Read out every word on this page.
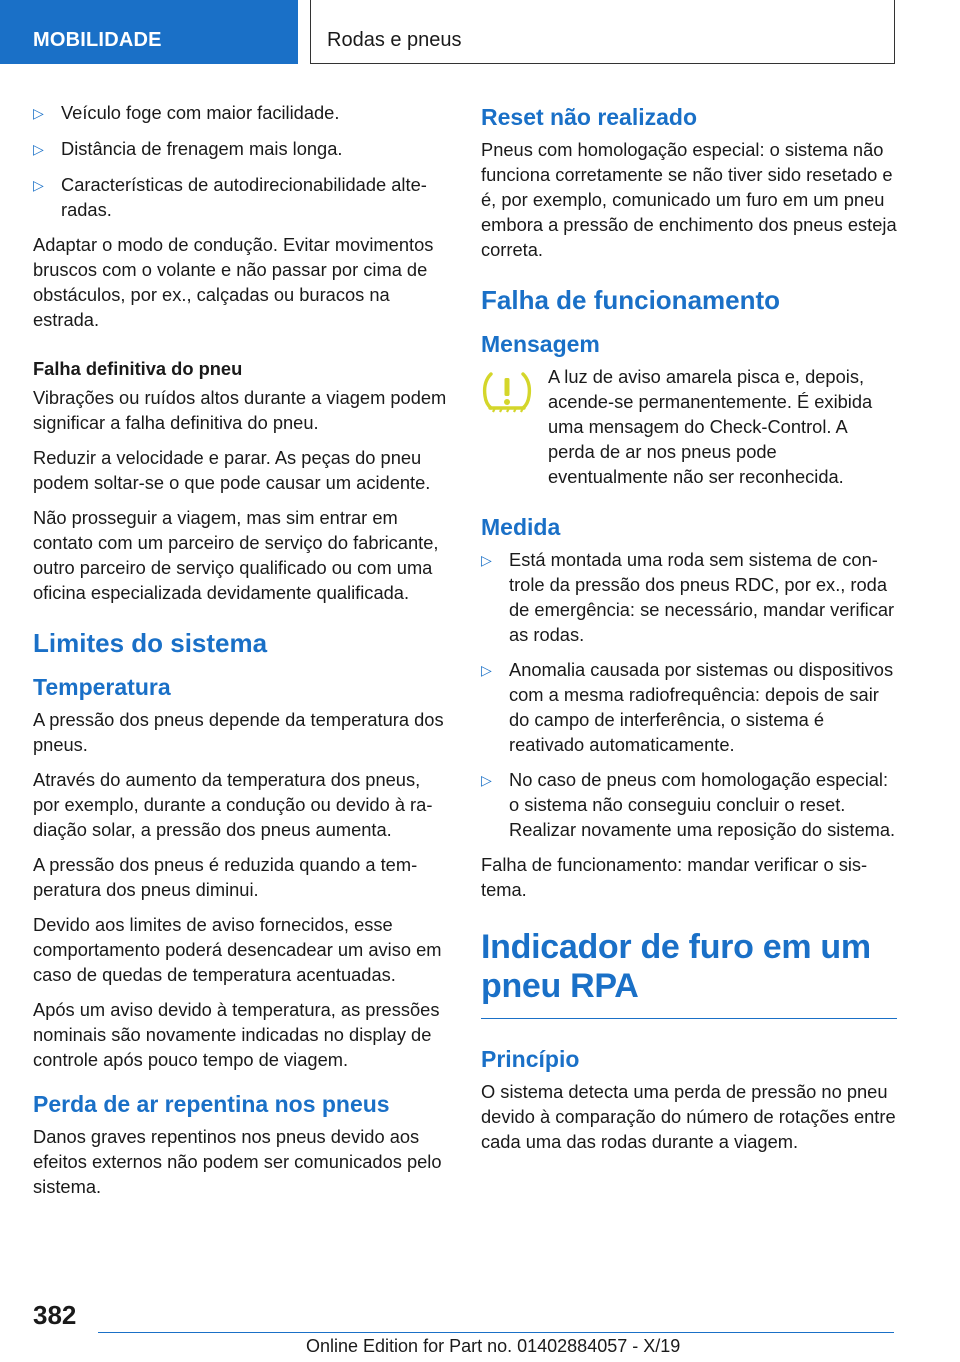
MOBILIDADE	Rodas e pneus
▷ Veículo foge com maior facilidade.
▷ Distância de frenagem mais longa.
▷ Características de autodirecionabilidade alteradas.

Adaptar o modo de condução. Evitar movimentos bruscos com o volante e não passar por cima de obstáculos, por ex., calçadas ou buracos na estrada.

Falha definitiva do pneu

Vibrações ou ruídos altos durante a viagem podem significar a falha definitiva do pneu.

Reduzir a velocidade e parar. As peças do pneu podem soltar-se o que pode causar um acidente.

Não prosseguir a viagem, mas sim entrar em contato com um parceiro de serviço do fabricante, outro parceiro de serviço qualificado ou com uma oficina especializada devidamente qualificada.

Limites do sistema
Temperatura

A pressão dos pneus depende da temperatura dos pneus.

Através do aumento da temperatura dos pneus, por exemplo, durante a condução ou devido à radiação solar, a pressão dos pneus aumenta.

A pressão dos pneus é reduzida quando a temperatura dos pneus diminui.

Devido aos limites de aviso fornecidos, esse comportamento poderá desencadear um aviso em caso de quedas de temperatura acentuadas.

Após um aviso devido à temperatura, as pressões nominais são novamente indicadas no display de controle após pouco tempo de viagem.

Perda de ar repentina nos pneus

Danos graves repentinos nos pneus devido aos efeitos externos não podem ser comunicados pelo sistema.

Reset não realizado

Pneus com homologação especial: o sistema não funciona corretamente se não tiver sido resetado e é, por exemplo, comunicado um furo em um pneu embora a pressão de enchimento dos pneus esteja correta.

Falha de funcionamento
Mensagem

A luz de aviso amarela pisca e, depois, acende-se permanentemente. É exibida uma mensagem do Check-Control. A perda de ar nos pneus pode eventualmente não ser reconhecida.

Medida
▷ Está montada uma roda sem sistema de controle da pressão dos pneus RDC, por ex., roda de emergência: se necessário, mandar verificar as rodas.
▷ Anomalia causada por sistemas ou dispositivos com a mesma radiofrequência: depois de sair do campo de interferência, o sistema é reativado automaticamente.
▷ No caso de pneus com homologação especial: o sistema não conseguiu concluir o reset. Realizar novamente uma reposição do sistema.

Falha de funcionamento: mandar verificar o sistema.

Indicador de furo em um pneu RPA
Princípio

O sistema detecta uma perda de pressão no pneu devido à comparação do número de rotações entre cada uma das rodas durante a viagem.

382
Online Edition for Part no. 01402884057 - X/19
